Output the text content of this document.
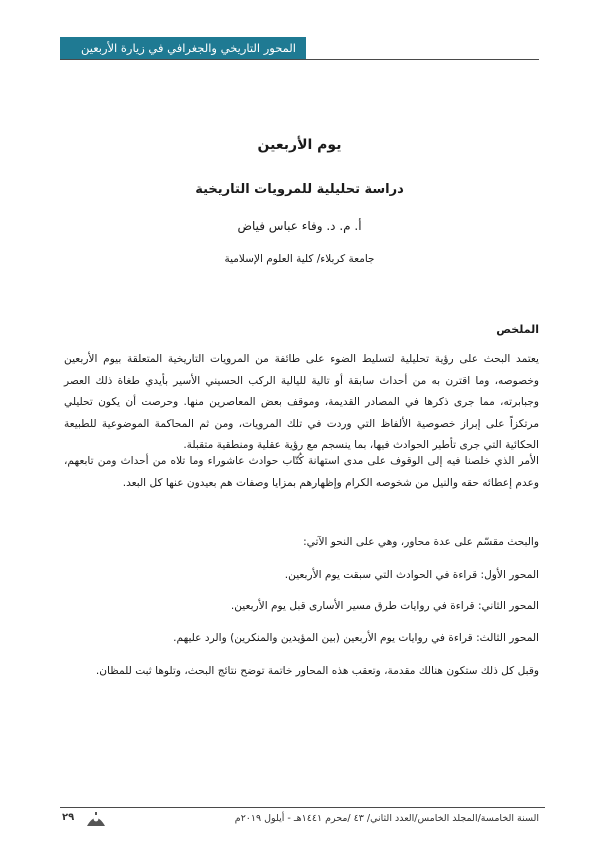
المحور التاريخي والجغرافي في زيارة الأربعين
يوم الأربعين
دراسة تحليلية للمرويات التاريخية
أ. م. د. وفاء عباس فياض
جامعة كربلاء/ كلية العلوم الإسلامية
الملخص
يعتمد البحث على رؤية تحليلية لتسليط الضوء على طائفة من المرويات التاريخية المتعلقة بيوم الأربعين وخصوصه، وما اقترن به من أحداث سابقة أو تالية لليالية الركب الحسيني الأسير بأيدي طغاة ذلك العصر وجبابرته، مما جرى ذكرها في المصادر القديمة، وموقف بعض المعاصرين منها. وحرصت أن يكون تحليلي مرتكزاً على إبراز خصوصية الألفاظ التي وردت في تلك المرويات، ومن ثم المحاكمة الموضوعية للطبيعة الحكائية التي جرى تأطير الحوادث فيها، بما ينسجم مع رؤية عقلية ومنطقية متقبلة.
الأمر الذي خلصنا فيه إلى الوقوف على مدى استهانة كُتّاب حوادث عاشوراء وما تلاه من أحداث ومن تابعهم، وعدم إعطائه حقه والنيل من شخوصه الكرام وإظهارهم بمزايا وصفات هم بعيدون عنها كل البعد.
والبحث مقسّم على عدة محاور، وهي على النحو الآتي:
المحور الأول: قراءة في الحوادث التي سبقت يوم الأربعين.
المحور الثاني: قراءة في روايات طرق مسير الأسارى قبل يوم الأربعين.
المحور الثالث: قراءة في روايات يوم الأربعين (بين المؤيدين والمنكرين) والرد عليهم.
وقبل كل ذلك ستكون هنالك مقدمة، وتعقب هذه المحاور خاتمة توضح نتائج البحث، وتلوها ثبت للمظان.
السنة الخامسة/المجلد الخامس/العدد الثاني/ ٤٣ /محرم ١٤٤١هـ - أيلول ٢٠١٩م
٢٩
